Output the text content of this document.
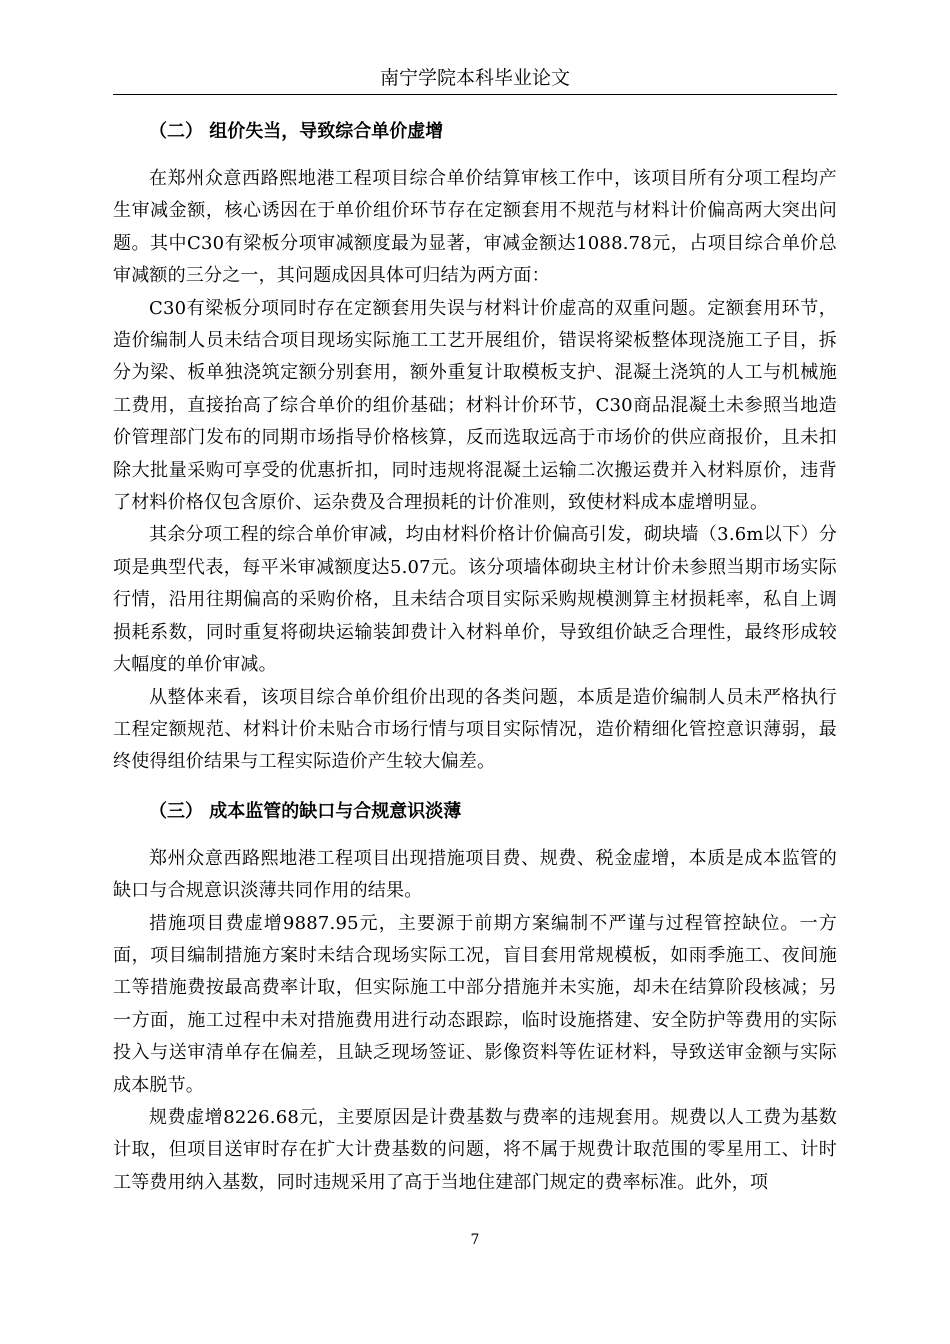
南宁学院本科毕业论文
（二） 组价失当，导致综合单价虚增

在郑州众意西路熙地港工程项目综合单价结算审核工作中，该项目所有分项工程均产生审减金额，核心诱因在于单价组价环节存在定额套用不规范与材料计价偏高两大突出问题。其中C30有梁板分项审减额度最为显著，审减金额达1088.78元，占项目综合单价总审减额的三分之一，其问题成因具体可归结为两方面：

C30有梁板分项同时存在定额套用失误与材料计价虚高的双重问题。定额套用环节，造价编制人员未结合项目现场实际施工工艺开展组价，错误将梁板整体现浇施工子目，拆分为梁、板单独浇筑定额分别套用，额外重复计取模板支护、混凝土浇筑的人工与机械施工费用，直接抬高了综合单价的组价基础；材料计价环节，C30商品混凝土未参照当地造价管理部门发布的同期市场指导价格核算，反而选取远高于市场价的供应商报价，且未扣除大批量采购可享受的优惠折扣，同时违规将混凝土运输二次搬运费并入材料原价，违背了材料价格仅包含原价、运杂费及合理损耗的计价准则，致使材料成本虚增明显。

其余分项工程的综合单价审减，均由材料价格计价偏高引发，砌块墙（3.6m以下）分项是典型代表，每平米审减额度达5.07元。该分项墙体砌块主材计价未参照当期市场实际行情，沿用往期偏高的采购价格，且未结合项目实际采购规模测算主材损耗率，私自上调损耗系数，同时重复将砌块运输装卸费计入材料单价，导致组价缺乏合理性，最终形成较大幅度的单价审减。

从整体来看，该项目综合单价组价出现的各类问题，本质是造价编制人员未严格执行工程定额规范、材料计价未贴合市场行情与项目实际情况，造价精细化管控意识薄弱，最终使得组价结果与工程实际造价产生较大偏差。

（三） 成本监管的缺口与合规意识淡薄

郑州众意西路熙地港工程项目出现措施项目费、规费、税金虚增，本质是成本监管的缺口与合规意识淡薄共同作用的结果。

措施项目费虚增9887.95元，主要源于前期方案编制不严谨与过程管控缺位。一方面，项目编制措施方案时未结合现场实际工况，盲目套用常规模板，如雨季施工、夜间施工等措施费按最高费率计取，但实际施工中部分措施并未实施，却未在结算阶段核减；另一方面，施工过程中未对措施费用进行动态跟踪，临时设施搭建、安全防护等费用的实际投入与送审清单存在偏差，且缺乏现场签证、影像资料等佐证材料，导致送审金额与实际成本脱节。

规费虚增8226.68元，主要原因是计费基数与费率的违规套用。规费以人工费为基数计取，但项目送审时存在扩大计费基数的问题，将不属于规费计取范围的零星用工、计时工等费用纳入基数，同时违规采用了高于当地住建部门规定的费率标准。此外，项

7
